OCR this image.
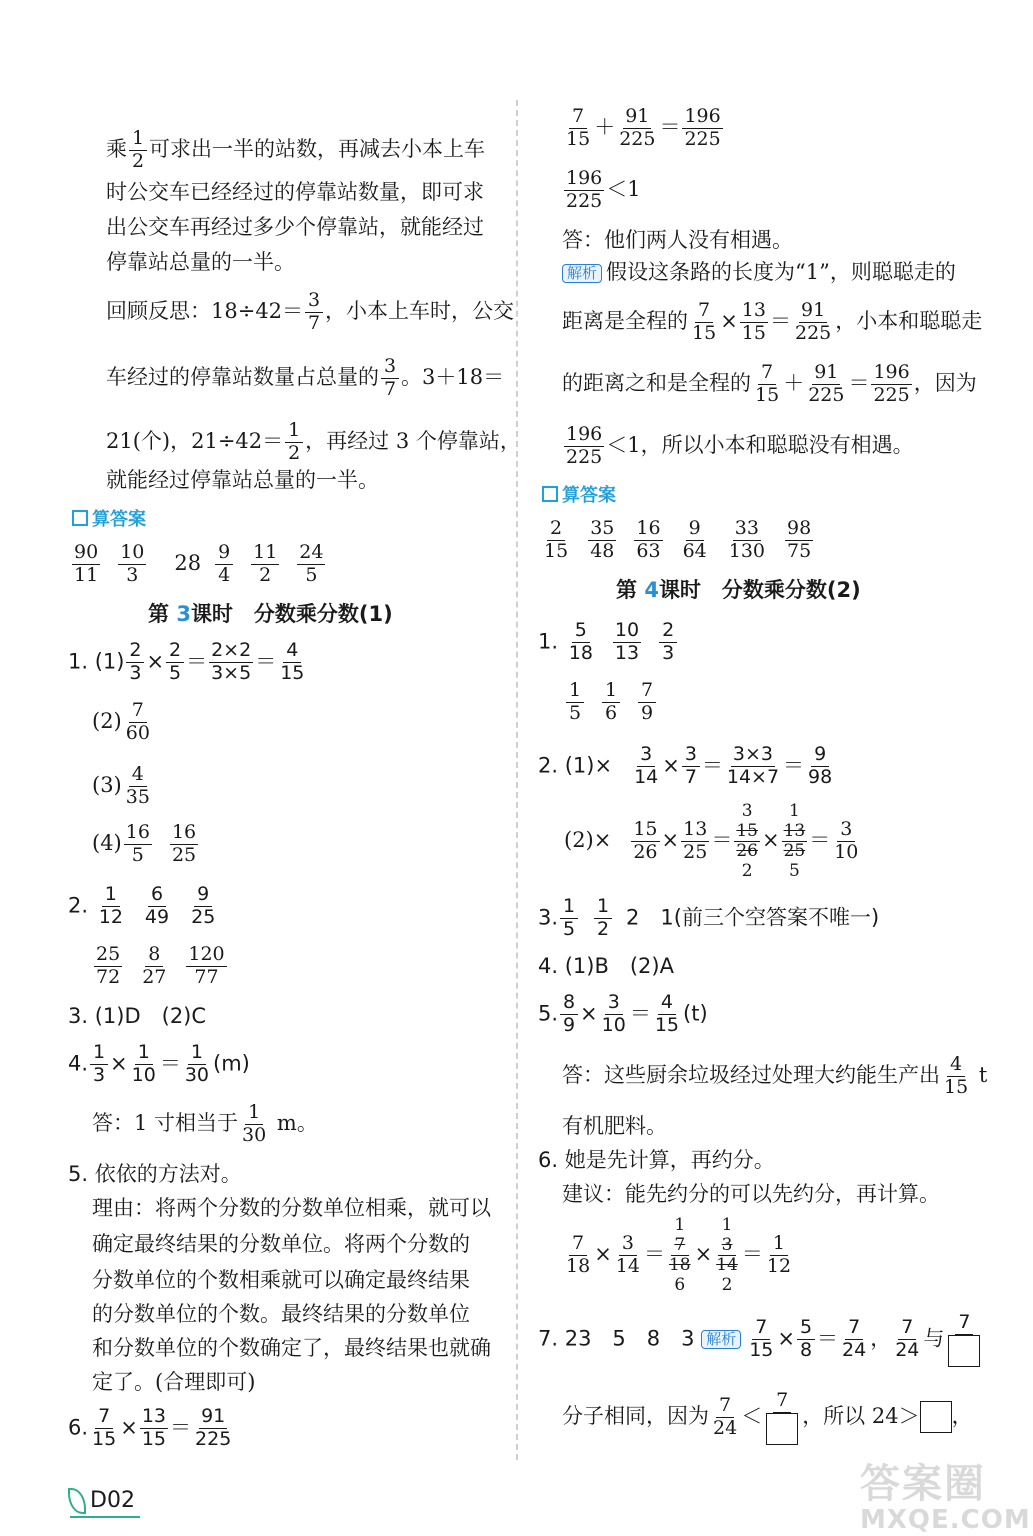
乘 $\frac{1}{2}$ 可求出一半的站数，再减去小本上车
时公交车已经经过的停靠站数量，即可求
出公交车再经过多少个停靠站，就能经过
停靠站总量的一半。
回顾反思：$18\div 42= \frac{3}{7}$ ，小本上车时，公交
车经过的停靠站数量占总量的 $\frac{3}{7}$ 。3＋18＝
21(个)，$21\div 42= \frac{1}{2}$ ，再经过 3 个停靠站，
就能经过停靠站总量的一半。
算答案
$\frac{90}{11} \frac{10}{3} 28 \frac{9}{4} \frac{11}{2} \frac{24}{5}$
第 3课时　分数乘分数(1)
1. $(1) \frac{2}{3} \times \frac{2}{5} = \frac{2\times 2}{3\times 5} = \frac{4}{15}$
$(2) \frac{7}{60}$
$(3) \frac{4}{35}$
$(4) \frac{16}{5} \frac{16}{25}$
2. $\frac{1}{12} \frac{6}{49} \frac{9}{25}$
$\frac{25}{72} \frac{8}{27} \frac{120}{77}$
3. (1)D　(2)C
4. $\frac{1}{3} \times \frac{1}{10} = \frac{1}{30} (m)$
答：1 寸相当于 $\frac{1}{30}$ m。
5. 依依的方法对。
理由：将两个分数的分数单位相乘，就可以
确定最终结果的分数单位。将两个分数的
分数单位的个数相乘就可以确定最终结果
的分数单位的个数。最终结果的分数单位
和分数单位的个数确定了，最终结果也就确
定了。(合理即可)
6. $\frac{7}{15} \times \frac{13}{15} = \frac{91}{225}$
$\frac{7}{15} + \frac{91}{225} = \frac{196}{225}$
$\frac{196}{225} <1$
答：他们两人没有相遇。
解析 假设这条路的长度为“1”，则聪聪走的
距离是全程的 $\frac{7}{15} \times \frac{13}{15} = \frac{91}{225}$ ，小本和聪聪走
的距离之和是全程的 $\frac{7}{15} + \frac{91}{225} = \frac{196}{225}$ ，因为
$\frac{196}{225} <1$，所以小本和聪聪没有相遇。
算答案
$\frac{2}{15} \frac{35}{48} \frac{16}{63} \frac{9}{64} \frac{33}{130} \frac{98}{75}$
第 4课时　分数乘分数(2)
1. $\frac{5}{18} \frac{10}{13} \frac{2}{3}$
$\frac{1}{5} \frac{1}{6} \frac{7}{9}$
2. $(1)\times \frac{3}{14} \times \frac{3}{7} = \frac{3\times 3}{14\times 7} = \frac{9}{98}$
$(2)\times \frac{15}{26} \times \frac{13}{25}$ ＝
3
15
26
2
×
1
13
25
5
＝ $\frac{3}{10}$
3. $\frac{1}{5} \frac{1}{2} 2$　1(前三个空答案不唯一)
4. (1)B　(2)A
5. $\frac{8}{9} \times \frac{3}{10} = \frac{4}{15} (t)$
答：这些厨余垃圾经过处理大约能生产出 $\frac{4}{15}$ t
有机肥料。
6. 她是先计算，再约分。
建议：能先约分的可以先约分，再计算。
$\frac{7}{18} \times \frac{3}{14}$ ＝
1
7
18
6
×
1
3
14
2
＝ $\frac{1}{12}$
7. 23　5　8　3 解析 $\frac{7}{15} \times \frac{5}{8} = \frac{7}{24}$ ， $\frac{7}{24}$ 与
7
分子相同，因为 $\frac{7}{24}$ ＜
7
，所以 24＞ ，
D02	答案圈
MXQE.COM
